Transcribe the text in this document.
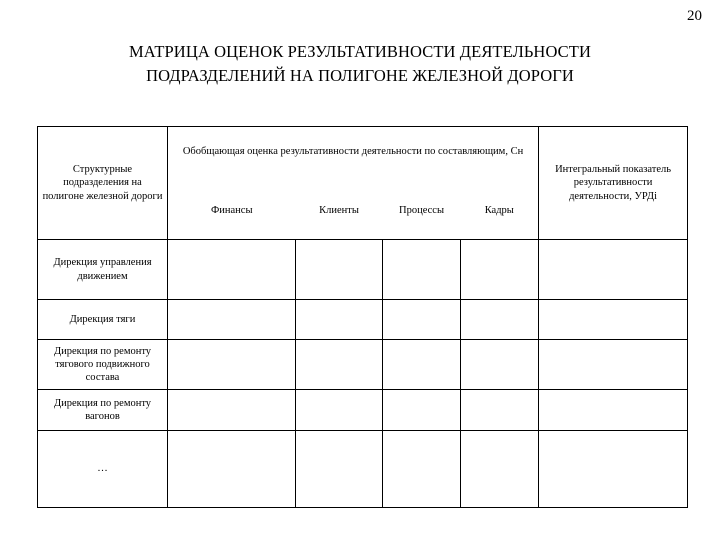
20
МАТРИЦА ОЦЕНОК РЕЗУЛЬТАТИВНОСТИ ДЕЯТЕЛЬНОСТИ
ПОДРАЗДЕЛЕНИЙ НА ПОЛИГОНЕ ЖЕЛЕЗНОЙ ДОРОГИ
Структурные подразделения на полигоне железной дороги	Обобщающая оценка результативности деятельности по составляющим, Сн				Интегральный показатель результативности деятельности, УРДi
	Финансы	Клиенты	Процессы	Кадры	
Дирекция управления движением					
Дирекция тяги					
Дирекция по ремонту тягового подвижного состава					
Дирекция по ремонту вагонов					
…					
